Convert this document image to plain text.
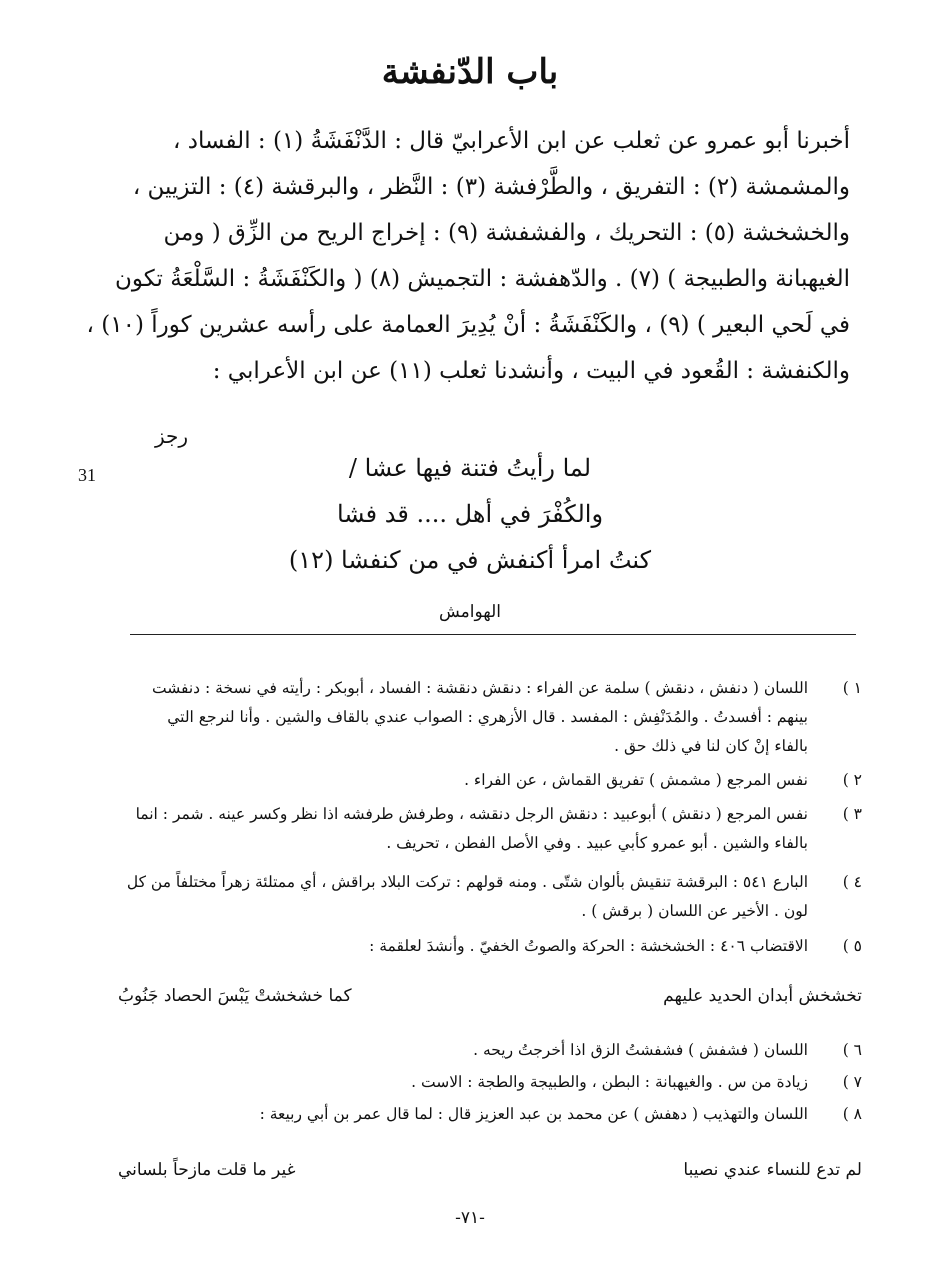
باب الدّنفشة
أخبرنا أبو عمرو عن ثعلب عن ابن الأعرابيّ قال : الدَّنْفَشَةُ (١) : الفساد ،
والمشمشة (٢) : التفريق ، والطَّرْفشة (٣) : النَّظر ، والبرقشة (٤) : التزيين ،
والخشخشة (٥) : التحريك ، والفشفشة (٩) : إخراج الريح من الزِّق ( ومن
الغيهبانة والطبيجة ) (٧) . والدّهفشة : التجميش (٨) ( والكَنْفَشَةُ : السَّلْعَةُ تكون
في لَحي البعير ) (٩) ، والكَنْفَشَةُ : أنْ يُدِيرَ العمامة على رأسه عشرين كوراً (١٠) ،
والكنفشة : القُعود في البيت ، وأنشدنا ثعلب (١١) عن ابن الأعرابي :
رجز
31	لما رأيتُ فتنة فيها عشا /
والكُفْرَ في أهل .... قد فشا
كنتُ امرأ أكنفش في من كنفشا (١٢)
الهوامش
١ )
اللسان ( دنفش ، دنقش ) سلمة عن الفراء : دنقش دنقشة : الفساد ، أبوبكر : رأيته في نسخة : دنفشت
بينهم : أفسدتُ . والمُدَنْفِش : المفسد . قال الأزهري : الصواب عندي بالقاف والشين . وأنا لنرجع التي
بالفاء إنْ كان لنا في ذلك حق .
٢ )
نفس المرجع ( مشمش ) تفريق القماش ، عن الفراء .
٣ )
نفس المرجع ( دنقش ) أبوعبيد : دنقش الرجل دنقشه ، وطرفش طرفشه اذا نظر وكسر عينه . شمر : انما
بالفاء والشين . أبو عمرو كأبي عبيد . وفي الأصل الفطن ، تحريف .
٤ )
البارع ٥٤١ : البرقشة تنقيش بألوان شتّى . ومنه قولهم : تركت البلاد براقش ، أي ممتلئة زهراً مختلفاً من كل
لون . الأخير عن اللسان ( برقش ) .
٥ )
الاقتضاب ٤٠٦ : الخشخشة : الحركة والصوتُ الخفيّ . وأنشدَ لعلقمة :
تخشخش أبدان الحديد عليهم
كما خشخشتْ يَبْسَ الحصاد جَنُوبُ
٦ )
اللسان ( فشفش ) فشفشتُ الزق اذا أخرجتُ ريحه .
٧ )
زيادة من س . والغيهبانة : البطن ، والطبيجة والطجة : الاست .
٨ )
اللسان والتهذيب ( دهفش ) عن محمد بن عبد العزيز قال : لما قال عمر بن أبي ربيعة :
لم تدع للنساء عندي نصيبا
غير ما قلت مازحاً بلساني
-٧١-
